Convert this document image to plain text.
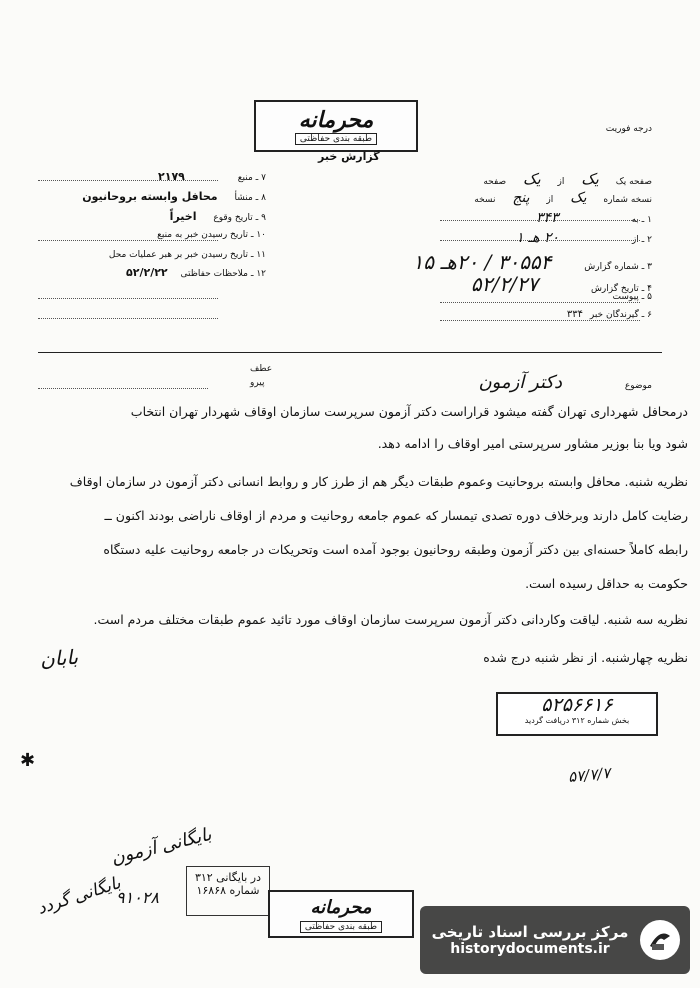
محرمانه
طبقه بندی حفاظتی
درجه فوریت
گزارش خبر
صفحه یک یک از یک صفحه
نسخه شماره یک از پنج نسخه
۱ ـ به ۳۴۳
۲ ـ از ۲۰ هـ ۱
۳ ـ شماره گزارش ۳۰۵۵۴ / ۲۰هـ ۱۵
۴ ـ تاریخ گزارش ۵۲/۲/۲۷
۵ ـ پیوست
۶ ـ گیرندگان خبر ۳۳۴
۷ ـ منبع ۲۱۷۹
۸ ـ منشأ محافل وابسته بروحانیون
۹ ـ تاریخ وقوع اخیراً
۱۰ ـ تاریخ رسیدن خبر به منبع
۱۱ ـ تاریخ رسیدن خبر بر هبر عملیات محل
۱۲ ـ ملاحظات حفاظتی ۵۲/۲/۲۲
موضوع دکتر آزمون
عطف
پیرو
درمحافل شهرداری تهران گفته میشود قراراست دکتر آزمون سرپرست سازمان اوقاف شهردار تهران انتخاب
شود ویا بنا بوزیر مشاور سرپرستی امیر اوقاف را ادامه دهد.
نظریه شنبه. محافل وابسته بروحانیت وعموم طبقات دیگر هم از طرز کار و روابط انسانی دکتر آزمون در سازمان اوقاف
رضایت کامل دارند وبرخلاف دوره تصدی تیمسار که عموم جامعه روحانیت و مردم از اوقاف ناراضی بودند اکنون ــ
رابطه کاملاً حسنه‌ای بین دکتر آزمون وطبقه روحانیون بوجود آمده است وتحریکات در جامعه روحانیت علیه دستگاه
حکومت به حداقل رسیده است.
نظریه سه شنبه. لیاقت وکاردانی دکتر آزمون سرپرست سازمان اوقاف مورد تائید عموم طبقات مختلف مردم است.
نظریه چهارشنبه. از نظر شنبه درج شده
بابان
۵۲۵۶۶۱۶
بخش شماره ۳۱۲ دریافت گردید
✱
۵۷/۷/۷
بایگانی آزمون
در بایگانی ۳۱۲
شماره ۱۶۸۶۸
۹۱۰۲۸
بایگانی گردد	محرمانه
طبقه بندی حفاظتی	مرکز بررسی اسناد تاریخی
historydocuments.ir
